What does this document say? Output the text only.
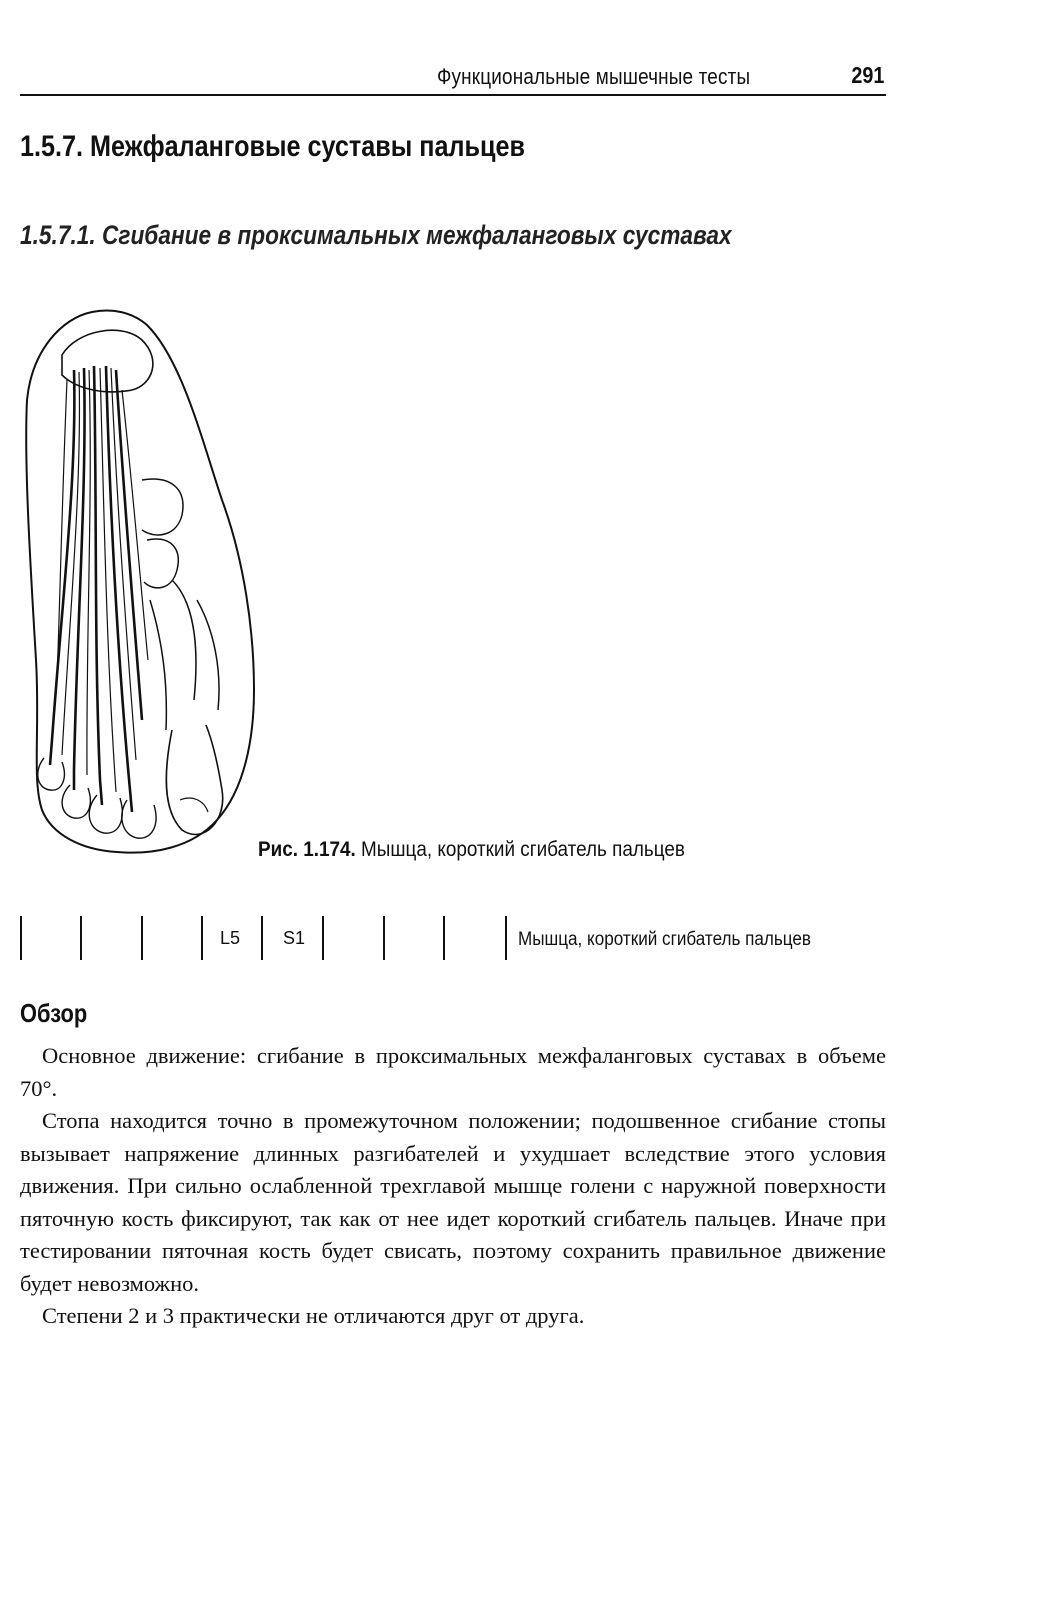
Функциональные мышечные тесты	291
1.5.7. Межфаланговые суставы пальцев
1.5.7.1. Сгибание в проксимальных межфаланговых суставах
Рис. 1.174. Мышца, короткий сгибатель пальцев
L5 S1	Мышца, короткий сгибатель пальцев
Обзор

Основное движение: сгибание в проксимальных межфаланговых суставах в объеме 70°.

Стопа находится точно в промежуточном положении; подошвенное сгибание стопы вызывает напряжение длинных разгибателей и ухудшает вследствие этого условия движения. При сильно ослабленной трехглавой мышце голени с наружной поверхности пяточную кость фиксируют, так как от нее идет короткий сгибатель пальцев. Иначе при тестировании пяточная кость будет свисать, поэтому сохранить правильное движение будет невозможно.

Степени 2 и 3 практически не отличаются друг от друга.
